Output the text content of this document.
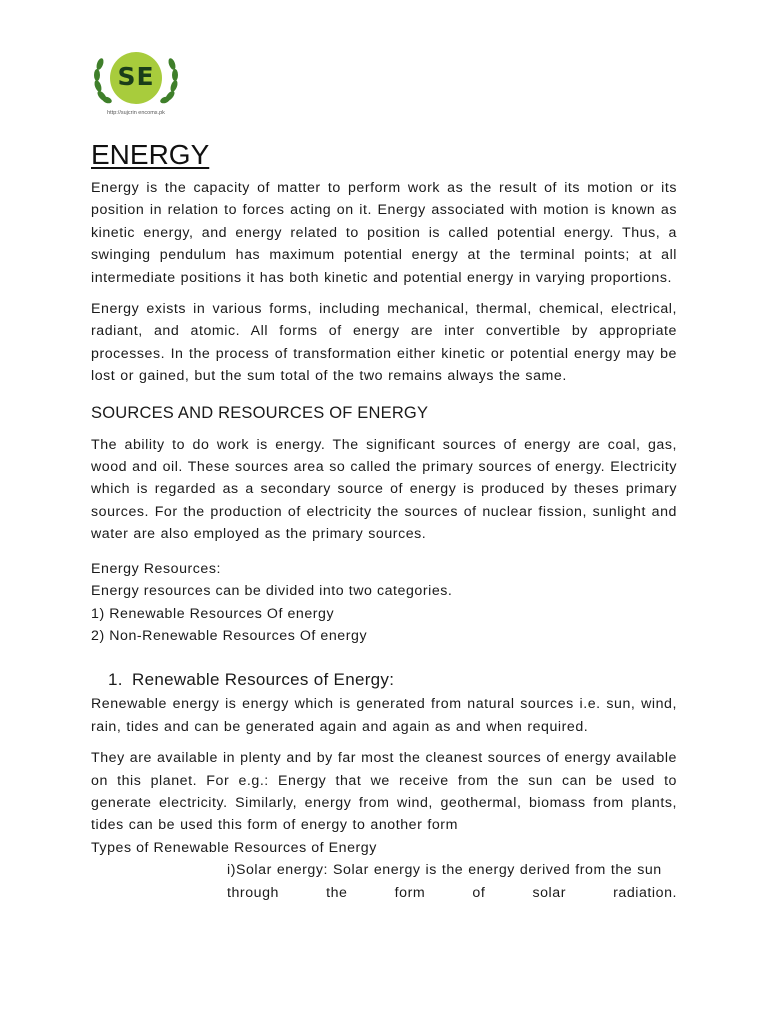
SE
http://sujcrin encoms.pk
ENERGY

Energy is the capacity of matter to perform work as the result of its motion or its position in relation to forces acting on it. Energy associated with motion is known as kinetic energy, and energy related to position is called potential energy. Thus, a swinging pendulum has maximum potential energy at the terminal points; at all intermediate positions it has both kinetic and potential energy in varying proportions.

Energy exists in various forms, including mechanical, thermal, chemical, electrical, radiant, and atomic. All forms of energy are inter convertible by appropriate processes. In the process of transformation either kinetic or potential energy may be lost or gained, but the sum total of the two remains always the same.

SOURCES AND RESOURCES OF ENERGY

The ability to do work is energy. The significant sources of energy are coal, gas, wood and oil. These sources area so called the primary sources of energy. Electricity which is regarded as a secondary source of energy is produced by theses primary sources. For the production of electricity the sources of nuclear fission, sunlight and water are also employed as the primary sources.

Energy Resources:
Energy resources can be divided into two categories.
1) Renewable Resources Of energy
2) Non-Renewable Resources Of energy
1. Renewable Resources of Energy:

Renewable energy is energy which is generated from natural sources i.e. sun, wind, rain, tides and can be generated again and again as and when required.

They are available in plenty and by far most the cleanest sources of energy available on this planet. For e.g.: Energy that we receive from the sun can be used to generate electricity. Similarly, energy from wind, geothermal, biomass from plants, tides can be used this form of energy to another form

Types of Renewable Resources of Energy

i)Solar energy: Solar energy is the energy derived from the sun

through the form of solar radiation.
